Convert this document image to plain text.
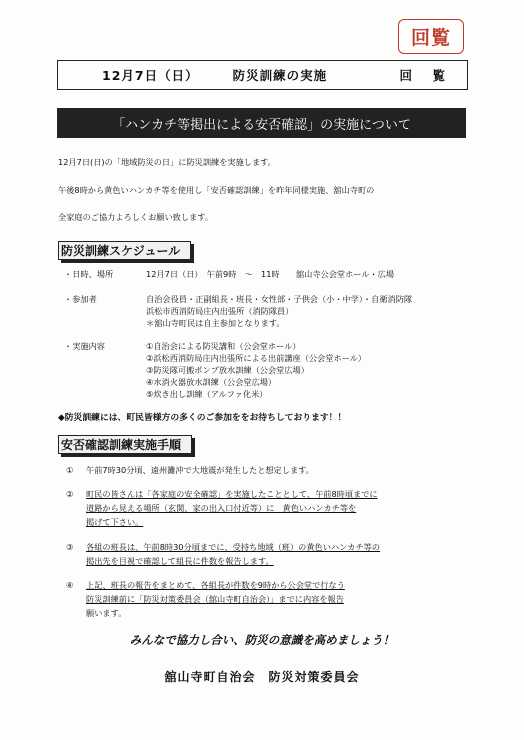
回覧
12月7日（日）	防災訓練の実施	回　覧
「ハンカチ等掲出による安否確認」の実施について
12月7日(日)の「地域防災の日」に防災訓練を実施します。
午後8時から黄色いハンカチ等を使用し「安否確認訓練」を昨年同様実施、舘山寺町の
全家庭のご協力よろしくお願い致します。
防災訓練スケジュール
・日時、場所	12月7日（日）　午前9時　～　11時　　舘山寺公会堂ホール・広場
・参加者	自治会役員・正副組長・班長・女性部・子供会（小・中学）・自衛消防隊
浜松市西消防局庄内出張所（消防隊員）
＊舘山寺町民は自主参加となります。
・実施内容	①自治会による防災講和（公会堂ホール）
②浜松西消防局庄内出張所による出前講座（公会堂ホール）
③防災隊可搬ポンプ放水訓練（公会堂広場）
④水消火器放水訓練（公会堂広場）
⑤炊き出し訓練（アルファ化米）
◆防災訓練には、町民皆様方の多くのご参加ををお待ちしております！！
安否確認訓練実施手順
① 午前7時30分頃、遠州灘沖で大地震が発生したと想定します。
② 町民の皆さんは「各家庭の安全確認」を実施したこととして、午前8時頃までに
道路から見える場所（玄関、家の出入口付近等）に　黄色いハンカチ等を
掲げて下さい。
③ 各組の班長は、午前8時30分頃までに、受持ち地域（班）の黄色いハンカチ等の
掲出先を目視で確認して組長に件数を報告します。
④ 上記、班長の報告をまとめて、各組長が件数を9時から公会堂で行なう
防災訓練前に「防災対策委員会（舘山寺町自治会）」までに内容を報告
願います。
みんなで協力し合い、防災の意識を高めましょう！
舘山寺町自治会　防災対策委員会
